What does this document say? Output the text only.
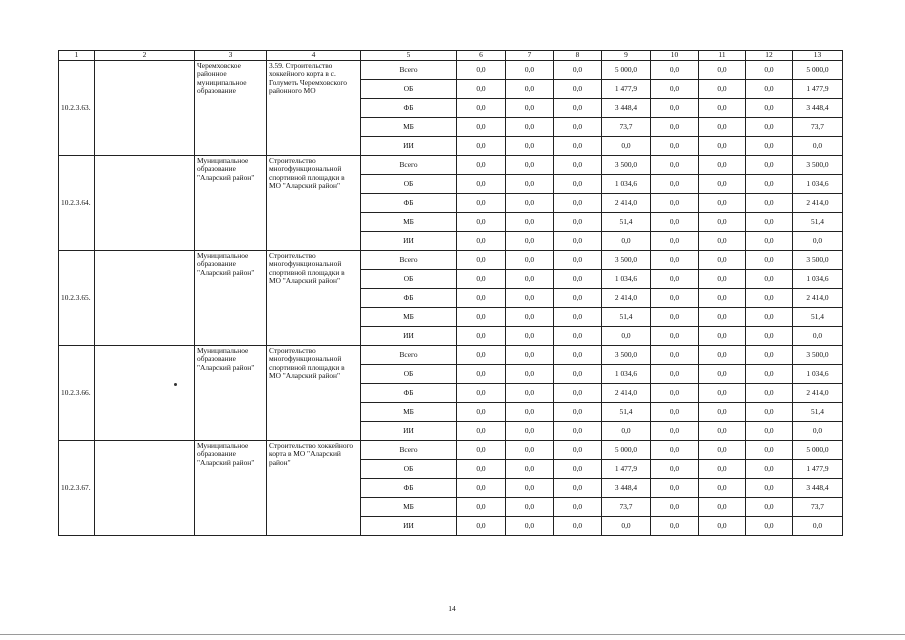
1	2	3	4	5	6	7	8	9	10	11	12	13
10.2.3.63.		Черемховское районное муниципальное образование	3.59. Строительство хоккейного корта в с. Голуметь Черемховского районного МО	Всего	0,0	0,0	0,0	5 000,0	0,0	0,0	0,0	5 000,0
				ОБ	0,0	0,0	0,0	1 477,9	0,0	0,0	0,0	1 477,9
				ФБ	0,0	0,0	0,0	3 448,4	0,0	0,0	0,0	3 448,4
				МБ	0,0	0,0	0,0	73,7	0,0	0,0	0,0	73,7
				ИИ	0,0	0,0	0,0	0,0	0,0	0,0	0,0	0,0
10.2.3.64.		Муниципальное образование "Аларский район"	Строительство многофункциональной спортивной площадки в МО "Аларский район"	Всего	0,0	0,0	0,0	3 500,0	0,0	0,0	0,0	3 500,0
				ОБ	0,0	0,0	0,0	1 034,6	0,0	0,0	0,0	1 034,6
				ФБ	0,0	0,0	0,0	2 414,0	0,0	0,0	0,0	2 414,0
				МБ	0,0	0,0	0,0	51,4	0,0	0,0	0,0	51,4
				ИИ	0,0	0,0	0,0	0,0	0,0	0,0	0,0	0,0
10.2.3.65.		Муниципальное образование "Аларский район"	Строительство многофункциональной спортивной площадки в МО "Аларский район"	Всего	0,0	0,0	0,0	3 500,0	0,0	0,0	0,0	3 500,0
				ОБ	0,0	0,0	0,0	1 034,6	0,0	0,0	0,0	1 034,6
				ФБ	0,0	0,0	0,0	2 414,0	0,0	0,0	0,0	2 414,0
				МБ	0,0	0,0	0,0	51,4	0,0	0,0	0,0	51,4
				ИИ	0,0	0,0	0,0	0,0	0,0	0,0	0,0	0,0
10.2.3.66.		Муниципальное образование "Аларский район"	Строительство многофункциональной спортивной площадки в МО "Аларский район"	Всего	0,0	0,0	0,0	3 500,0	0,0	0,0	0,0	3 500,0
				ОБ	0,0	0,0	0,0	1 034,6	0,0	0,0	0,0	1 034,6
				ФБ	0,0	0,0	0,0	2 414,0	0,0	0,0	0,0	2 414,0
				МБ	0,0	0,0	0,0	51,4	0,0	0,0	0,0	51,4
				ИИ	0,0	0,0	0,0	0,0	0,0	0,0	0,0	0,0
10.2.3.67.		Муниципальное образование "Аларский район"	Строительство хоккейного корта в МО "Аларский район"	Всего	0,0	0,0	0,0	5 000,0	0,0	0,0	0,0	5 000,0
				ОБ	0,0	0,0	0,0	1 477,9	0,0	0,0	0,0	1 477,9
				ФБ	0,0	0,0	0,0	3 448,4	0,0	0,0	0,0	3 448,4
				МБ	0,0	0,0	0,0	73,7	0,0	0,0	0,0	73,7
				ИИ	0,0	0,0	0,0	0,0	0,0	0,0	0,0	0,0
14
